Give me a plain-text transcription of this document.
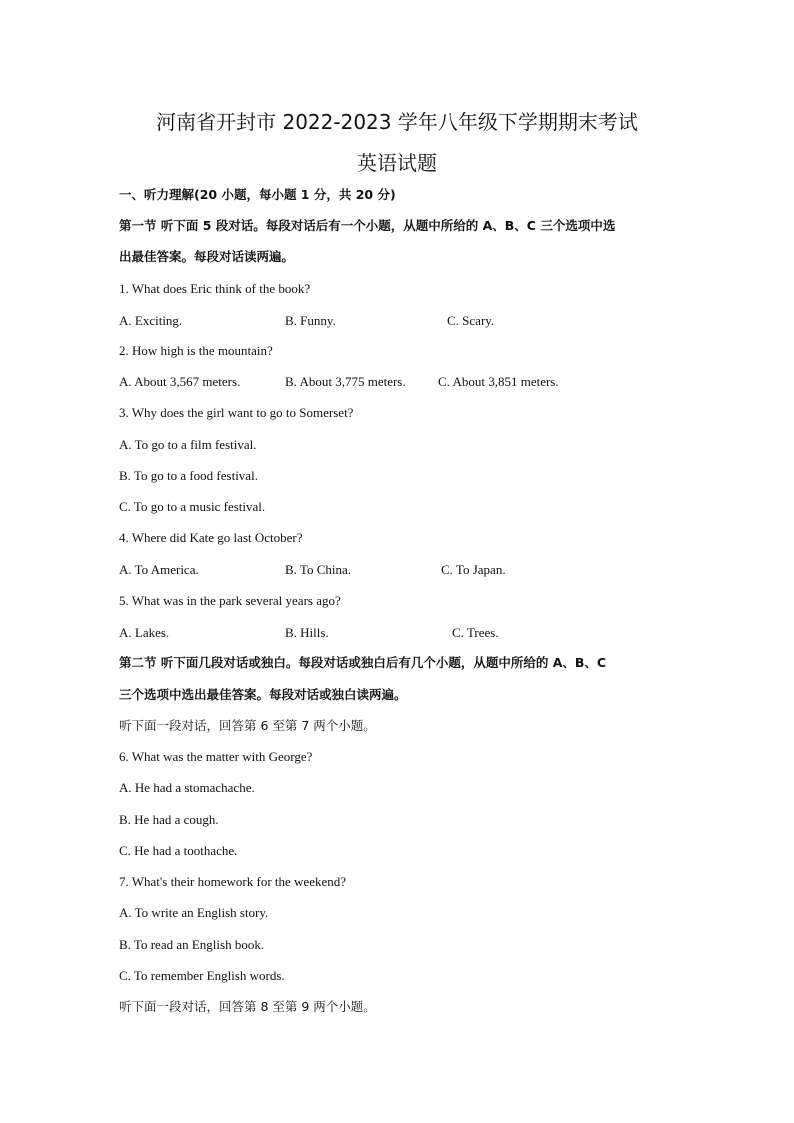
河南省开封市 2022-2023 学年八年级下学期期末考试
英语试题
一、听力理解(20 小题，每小题 1 分，共 20 分)
第一节 听下面 5 段对话。每段对话后有一个小题，从题中所给的 A、B、C 三个选项中选
出最佳答案。每段对话读两遍。
1. What does Eric think of the book?
A. Exciting.	B. Funny.	C. Scary.
2. How high is the mountain?
A. About 3,567 meters.	B. About 3,775 meters. C. About 3,851 meters.
3. Why does the girl want to go to Somerset?
A. To go to a film festival.
B. To go to a food festival.
C. To go to a music festival.
4. Where did Kate go last October?
A. To America.	B. To China.	C. To Japan.
5. What was in the park several years ago?
A. Lakes.	B. Hills.	C. Trees.
第二节 听下面几段对话或独白。每段对话或独白后有几个小题，从题中所给的 A、B、C
三个选项中选出最佳答案。每段对话或独白读两遍。
听下面一段对话，回答第 6 至第 7 两个小题。
6. What was the matter with George?
A. He had a stomachache.
B. He had a cough.
C. He had a toothache.
7. What's their homework for the weekend?
A. To write an English story.
B. To read an English book.
C. To remember English words.
听下面一段对话，回答第 8 至第 9 两个小题。
